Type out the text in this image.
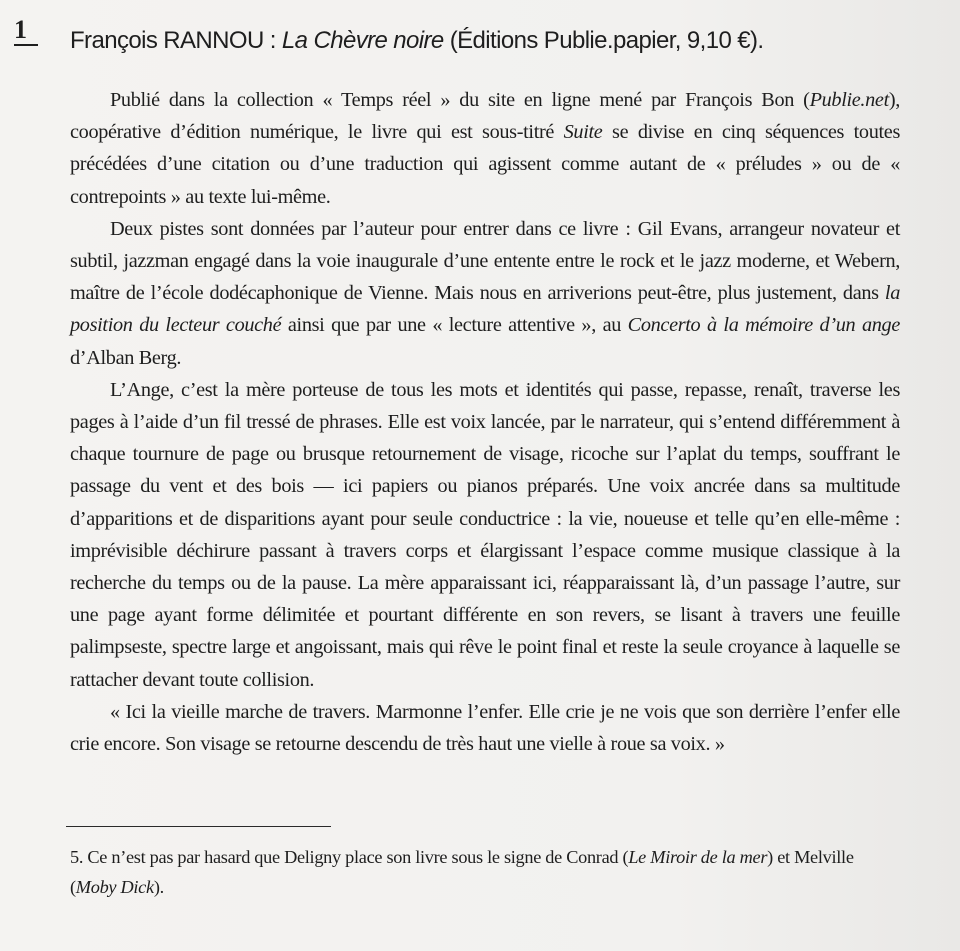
1 François RANNOU : La Chèvre noire (Éditions Publie.papier, 9,10 €).

Publié dans la collection « Temps réel » du site en ligne mené par François Bon (Publie.net), coopérative d’édition numérique, le livre qui est sous-titré Suite se divise en cinq séquences toutes précédées d’une citation ou d’une traduction qui agissent comme autant de « préludes » ou de « contrepoints » au texte lui-même.

Deux pistes sont données par l’auteur pour entrer dans ce livre : Gil Evans, arrangeur novateur et subtil, jazzman engagé dans la voie inaugurale d’une entente entre le rock et le jazz moderne, et Webern, maître de l’école dodécaphonique de Vienne. Mais nous en arriverions peut-être, plus justement, dans la position du lecteur couché ainsi que par une « lecture attentive », au Concerto à la mémoire d’un ange d’Alban Berg.

L’Ange, c’est la mère porteuse de tous les mots et identités qui passe, repasse, renaît, traverse les pages à l’aide d’un fil tressé de phrases. Elle est voix lancée, par le narrateur, qui s’entend différemment à chaque tournure de page ou brusque retournement de visage, ricoche sur l’aplat du temps, souffrant le passage du vent et des bois — ici papiers ou pianos préparés. Une voix ancrée dans sa multitude d’apparitions et de disparitions ayant pour seule conductrice : la vie, noueuse et telle qu’en elle-même : imprévisible déchirure passant à travers corps et élargissant l’espace comme musique classique à la recherche du temps ou de la pause. La mère apparaissant ici, réapparaissant là, d’un passage l’autre, sur une page ayant forme délimitée et pourtant différente en son revers, se lisant à travers une feuille palimpseste, spectre large et angoissant, mais qui rêve le point final et reste la seule croyance à laquelle se rattacher devant toute collision.

« Ici la vieille marche de travers. Marmonne l’enfer. Elle crie je ne vois que son derrière l’enfer elle crie encore. Son visage se retourne descendu de très haut une vielle à roue sa voix. »

5. Ce n’est pas par hasard que Deligny place son livre sous le signe de Conrad (Le Miroir de la mer) et Melville (Moby Dick).
